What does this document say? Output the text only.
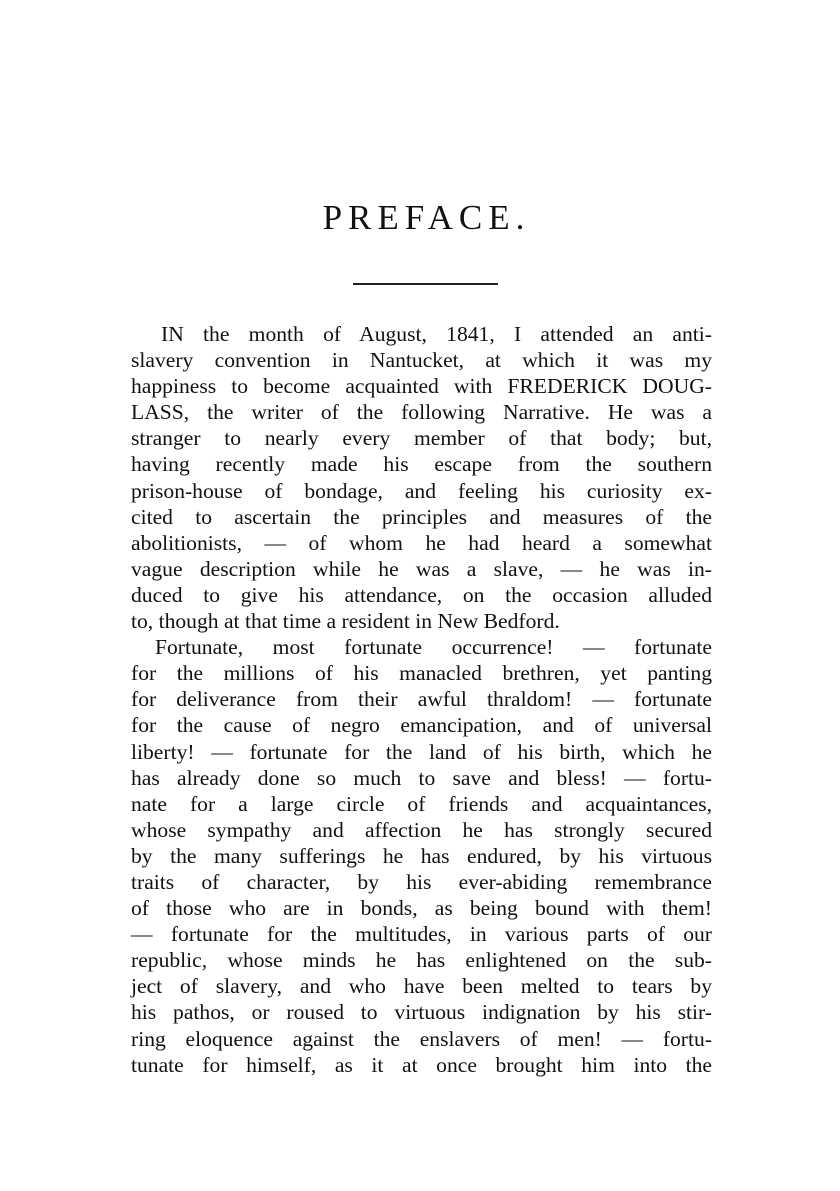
PREFACE.
IN the month of August, 1841, I attended an anti-
slavery convention in Nantucket, at which it was my
happiness to become acquainted with FREDERICK DOUG-
LASS, the writer of the following Narrative. He was a
stranger to nearly every member of that body; but,
having recently made his escape from the southern
prison-house of bondage, and feeling his curiosity ex-
cited to ascertain the principles and measures of the
abolitionists, — of whom he had heard a somewhat
vague description while he was a slave, — he was in-
duced to give his attendance, on the occasion alluded
to, though at that time a resident in New Bedford.
Fortunate, most fortunate occurrence! — fortunate
for the millions of his manacled brethren, yet panting
for deliverance from their awful thraldom! — fortunate
for the cause of negro emancipation, and of universal
liberty! — fortunate for the land of his birth, which he
has already done so much to save and bless! — fortu-
nate for a large circle of friends and acquaintances,
whose sympathy and affection he has strongly secured
by the many sufferings he has endured, by his virtuous
traits of character, by his ever-abiding remembrance
of those who are in bonds, as being bound with them!
— fortunate for the multitudes, in various parts of our
republic, whose minds he has enlightened on the sub-
ject of slavery, and who have been melted to tears by
his pathos, or roused to virtuous indignation by his stir-
ring eloquence against the enslavers of men! — fortu-
tunate for himself, as it at once brought him into the
